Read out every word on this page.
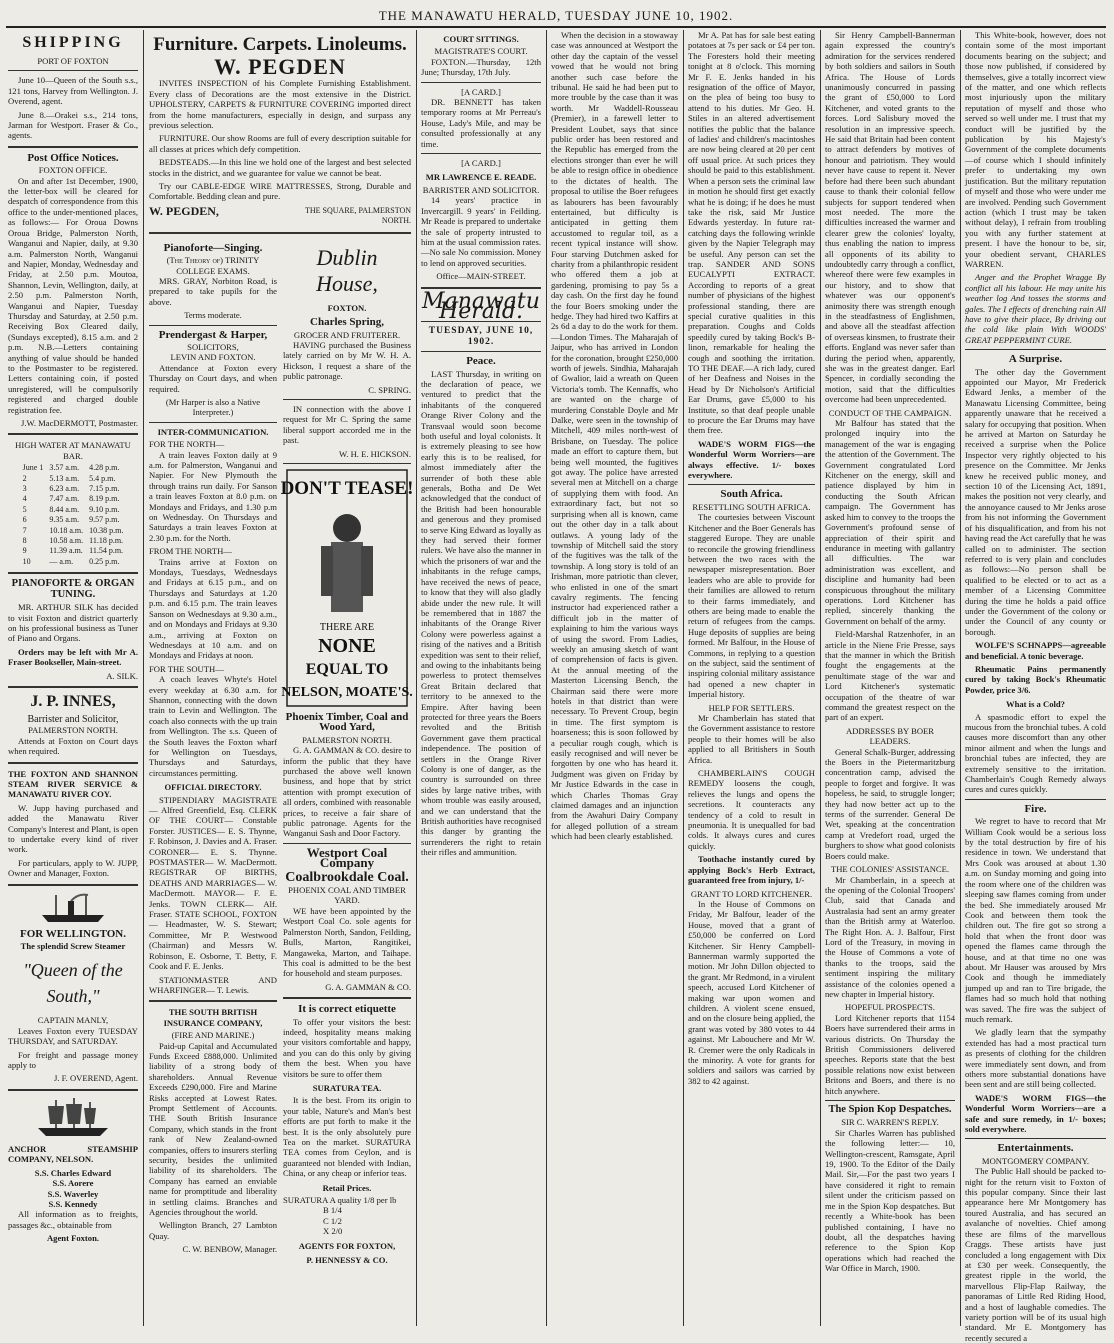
THE MANAWATU HERALD, TUESDAY JUNE 10, 1902.
SHIPPING
PORT OF FOXTON

June 10—Queen of the South s.s., 121 tons, Harvey from Wellington. J. Overend, agent.

June 8.—Orakei s.s., 214 tons, Jarman for Westport. Fraser & Co., agents.

Post Office Notices.
FOXTON OFFICE.

On and after 1st December, 1900, the letter-box will be cleared for despatch of correspondence from this office to the under-mentioned places, as follows:— For Oroua Downs Oroua Bridge, Palmerston North, Wanganui and Napier, daily, at 9.30 a.m. Palmerston North, Wanganui and Napier, Monday, Wednesday and Friday, at 2.50 p.m. Moutoa, Shannon, Levin, Wellington, daily, at 2.50 p.m. Palmerston North, Wanganui and Napier, Tuesday Thursday and Saturday, at 2.50 p.m. Receiving Box Cleared daily, (Sundays excepted), 8.15 a.m. and 2 p.m. N.B.—Letters containing anything of value should be handed to the Postmaster to be registered. Letters containing coin, if posted unregistered, will be compulsorily registered and charged double registration fee.

J.W. MacDERMOTT, Postmaster.
HIGH WATER AT MANAWATU BAR.
June 1	3.57 a.m.	4.28 p.m.
2	5.13 a.m.	5.4 p.m.
3	6.23 a.m.	7.15 p.m.
4	7.47 a.m.	8.19 p.m.
5	8.44 a.m.	9.10 p.m.
6	9.35 a.m.	9.57 p.m.
7	10.18 a.m.	10.38 p.m.
8	10.58 a.m.	11.18 p.m.
9	11.39 a.m.	11.54 p.m.
10	— a.m.	0.25 p.m.
PIANOFORTE & ORGAN TUNING.

MR. ARTHUR SILK has decided to visit Foxton and district quarterly on his professional business as Tuner of Piano and Organs.

Orders may be left with Mr A. Fraser Bookseller, Main-street.

A. SILK.
J. P. INNES,
Barrister and Solicitor,
PALMERSTON NORTH.

Attends at Foxton on Court days when required.

THE FOXTON AND SHANNON STEAM RIVER SERVICE & MANAWATU RIVER COY.

W. Jupp having purchased and added the Manawatu River Company's Interest and Plant, is open to undertake every kind of river work.

For particulars, apply to W. JUPP, Owner and Manager, Foxton.

FOR WELLINGTON.
The splendid Screw Steamer
"Queen of the South,"
CAPTAIN MANLY,

Leaves Foxton every TUESDAY THURSDAY, and SATURDAY.

For freight and passage money apply to

J. F. OVEREND, Agent.

ANCHOR STEAMSHIP COMPANY, NELSON.

S.S. Charles Edward
S.S. Aorere
S.S. Waverley
S.S. Kennedy

All information as to freights, passages &c., obtainable from

Agent Foxton.
Furniture. Carpets. Linoleums.
W. PEGDEN

INVITES INSPECTION of his Complete Furnishing Establishment. Every class of Decorations are the most extensive in the District. UPHOLSTERY, CARPETS & FURNITURE COVERING imported direct from the home manufacturers, especially in design, and surpass any previous selection.

FURNITURE. Our show Rooms are full of every description suitable for all classes at prices which defy competition.

BEDSTEADS.—In this line we hold one of the largest and best selected stocks in the district, and we guarantee for value we cannot be beat.

Try our CABLE-EDGE WIRE MATTRESSES, Strong, Durable and Comfortable. Bedding clean and pure.

W. PEGDEN,	THE SQUARE, PALMERSTON NORTH.
Pianoforte—Singing.
(The Theory of) TRINITY COLLEGE EXAMS.

MRS. GRAY, Norbiton Road, is prepared to take pupils for the above.

Terms moderate.
Prendergast & Harper,
SOLICITORS,
LEVIN AND FOXTON.

Attendance at Foxton every Thursday on Court days, and when required.

(Mr Harper is also a Native Interpreter.)
INTER-COMMUNICATION.
FOR THE NORTH—

A train leaves Foxton daily at 9 a.m. for Palmerston, Wanganui and Napier. For New Plymouth the through trains run daily. For Sanson a train leaves Foxton at 8.0 p.m. on Mondays and Fridays, and 1.30 p.m on Wednesday. On Thursdays and Saturdays a train leaves Foxton at 2.30 p.m. for the North.

FROM THE NORTH—

Trains arrive at Foxton on Mondays, Tuesdays, Wednesdays and Fridays at 6.15 p.m., and on Thursdays and Saturdays at 1.20 p.m. and 6.15 p.m. The train leaves Sanson on Wednesdays at 9.30 a.m., and on Mondays and Fridays at 9.30 a.m., arriving at Foxton on Wednesdays at 10 a.m. and on Mondays and Fridays at noon.

FOR THE SOUTH—

A coach leaves Whyte's Hotel every weekday at 6.30 a.m. for Shannon, connecting with the down train to Levin and Wellington. The coach also connects with the up train from Wellington. The s.s. Queen of the South leaves the Foxton wharf for Wellington on Tuesdays, Thursdays and Saturdays, circumstances permitting.

OFFICIAL DIRECTORY.

STIPENDIARY MAGISTRATE— Alfred Greenfield, Esq. CLERK OF THE COURT— Constable Forster. JUSTICES— E. S. Thynne, F. Robinson, J. Davies and A. Fraser. CORONER— E. S. Thynne. POSTMASTER— W. MacDermott. REGISTRAR OF BIRTHS, DEATHS AND MARRIAGES— W. MacDermott. MAYOR— F. E. Jenks. TOWN CLERK— Alf. Fraser. STATE SCHOOL, FOXTON— Headmaster, W. S. Stewart; Committee, Mr P. Westwood (Chairman) and Messrs W. Robinson, E. Osborne, T. Betty, F. Cook and F. E. Jenks.

STATIONMASTER AND WHARFINGER— T. Lewis.

THE SOUTH BRITISH INSURANCE COMPANY,
(FIRE AND MARINE.)

Paid-up Capital and Accumulated Funds Exceed £888,000. Unlimited liability of a strong body of shareholders. Annual Revenue Exceeds £290,000. Fire and Marine Risks accepted at Lowest Rates. Prompt Settlement of Accounts. THE South British Insurance Company, which stands in the front rank of New Zealand-owned companies, offers to insurers sterling security, besides the unlimited liability of its shareholders. The Company has earned an enviable name for promptitude and liberality in settling claims. Branches and Agencies throughout the world.

Wellington Branch, 27 Lambton Quay.

C. W. BENBOW, Manager.
Dublin House,
FOXTON.
Charles Spring,
GROCER AND FRUITERER.

HAVING purchased the Business lately carried on by Mr W. H. A. Hickson, I request a share of the public patronage.

C. SPRING.

IN connection with the above I request for Mr C. Spring the same liberal support accorded me in the past.

W. H. E. HICKSON.
DON'T TEASE!
THERE ARE
NONE
EQUAL TO
NELSON, MOATE'S.
Phoenix Timber, Coal and Wood Yard,
PALMERSTON NORTH.

G. A. GAMMAN & CO. desire to inform the public that they have purchased the above well known business, and hope that by strict attention with prompt execution of all orders, combined with reasonable prices, to receive a fair share of public patronage. Agents for the Wanganui Sash and Door Factory.

Westport Coal Company
Coalbrookdale Coal.
PHOENIX COAL AND TIMBER YARD.

WE have been appointed by the Westport Coal Co. sole agents for Palmerston North, Sandon, Feilding, Bulls, Marton, Rangitikei, Mangaweka, Marton, and Taihape. This coal is admitted to be the best for household and steam purposes.

G. A. GAMMAN & CO.
It is correct etiquette

To offer your visitors the best: indeed, hospitality means making your visitors comfortable and happy, and you can do this only by giving them the best. When you have visitors be sure to offer them

SURATURA TEA.

It is the best. From its origin to your table, Nature's and Man's best efforts are put forth to make it the best. It is the only absolutely pure Tea on the market. SURATURA TEA comes from Ceylon, and is guaranteed not blended with Indian, China, or any cheap or inferior teas.

Retail Prices.
SURATURA A quality 1/8 per lb
B 1/4
C 1/2
X 2/0
AGENTS FOR FOXTON,
P. HENNESSY & CO.
COURT SITTINGS.
MAGISTRATE'S COURT.

FOXTON.—Thursday, 12th June; Thursday, 17th July.

[A CARD.]

DR. BENNETT has taken temporary rooms at Mr Perreau's House, Lady's Mile, and may be consulted professionally at any time.

[A CARD.]
MR LAWRENCE E. READE.
BARRISTER AND SOLICITOR.

14 years' practice in Invercargill. 9 years' in Feilding. Mr Reade is prepared to undertake the sale of property intrusted to him at the usual commission rates.—No sale No commission. Money to lend on approved securities.

Office—MAIN-STREET.
Manawatu Herald.
TUESDAY, JUNE 10, 1902.
Peace.

LAST Thursday, in writing on the declaration of peace, we ventured to predict that the inhabitants of the conquered Orange River Colony and the Transvaal would soon become both useful and loyal colonists. It is extremely pleasing to see how early this is to be realised, for almost immediately after the surrender of both these able generals, Botha and De Wet acknowledged that the conduct of the British had been honourable and generous and they promised to serve King Edward as loyally as they had served their former rulers. We have also the manner in which the prisoners of war and the inhabitants in the refuge camps, have received the news of peace, to know that they will also gladly abide under the new rule. It will be remembered that in 1887 the inhabitants of the Orange River Colony were powerless against a rising of the natives and a British expedition was sent to their relief, and owing to the inhabitants being powerless to protect themselves Great Britain declared that territory to be annexed to the Empire. After having been protected for three years the Boers revolted and the British Government gave them practical independence. The position of settlers in the Orange River Colony is one of danger, as the country is surrounded on three sides by large native tribes, with whom trouble was easily aroused, and we can understand that the British authorities have recognised this danger by granting the surrenderers the right to retain their rifles and ammunition.

When the decision in a stowaway case was announced at Westport the other day the captain of the vessel vowed that he would not bring another such case before the tribunal. He said he had been put to more trouble by the case than it was worth. Mr Waddell-Rousseau (Premier), in a farewell letter to President Loubet, says that since public order has been restored and the Republic has emerged from the elections stronger than ever he will be able to resign office in obedience to the dictates of health. The proposal to utilise the Boer refugees as labourers has been favourably entertained, but difficulty is anticipated in getting them accustomed to regular toil, as a recent typical instance will show. Four starving Dutchmen asked for charity from a philanthropic resident who offered them a job at gardening, promising to pay 5s a day cash. On the first day he found the four Boers smoking under the hedge. They had hired two Kaffirs at 2s 6d a day to do the work for them.—London Times. The Maharajah of Jaipur, who has arrived in London for the coronation, brought £250,000 worth of jewels. Sindhia, Maharajah of Gwalior, laid a wreath on Queen Victoria's tomb. The Kennaffs, who are wanted on the charge of murdering Constable Doyle and Mr Dalke, were seen in the township of Mitchell, 409 miles north-west of Brisbane, on Tuesday. The police made an effort to capture them, but being well mounted, the fugitives got away. The police have arrested several men at Mitchell on a charge of supplying them with food. An extraordinary fact, but not so surprising when all is known, came out the other day in a talk about outlaws. A young lady of the township of Mitchell said the story of the fugitives was the talk of the township. A long story is told of an Irishman, more patriotic than clever, who enlisted in one of the smart cavalry regiments. The fencing instructor had experienced rather a difficult job in the matter of explaining to him the various ways of using the sword. From Ladies, weekly an amusing sketch of want of comprehension of facts is given. At the annual meeting of the Masterton Licensing Bench, the Chairman said there were more hotels in that district than were necessary. To Prevent Croup, begin in time. The first symptom is hoarseness; this is soon followed by a peculiar rough cough, which is easily recognised and will never be forgotten by one who has heard it. Judgment was given on Friday by Mr Justice Edwards in the case in which Charles Thomas Gray claimed damages and an injunction from the Awahuri Dairy Company for alleged pollution of a stream which had been clearly established.

Mr A. Pat has for sale best eating potatoes at 7s per sack or £4 per ton. The Foresters hold their meeting tonight at 8 o'clock. This morning Mr F. E. Jenks handed in his resignation of the office of Mayor, on the plea of being too busy to attend to his duties. Mr Geo. H. Stiles in an altered advertisement notifies the public that the balance of ladies' and children's macintoshes are now being cleared at 20 per cent off usual price. At such prices they should be paid to this establishment. When a person sets the criminal law in motion he should first get exactly what he is doing; if he does he must take the risk, said Mr Justice Edwards yesterday. In future rat-catching days the following wrinkle given by the Napier Telegraph may be useful. Any person can set the trap. SANDER AND SONS EUCALYPTI EXTRACT. According to reports of a great number of physicians of the highest professional standing, there are special curative qualities in this preparation. Coughs and Colds speedily cured by taking Bock's B-linon, remarkable for healing the cough and soothing the irritation. TO THE DEAF.—A rich lady, cured of her Deafness and Noises in the Head by Dr Nicholson's Artificial Ear Drums, gave £5,000 to his Institute, so that deaf people unable to procure the Ear Drums may have them free.

WADE'S WORM FIGS—the Wonderful Worm Worriers—are always effective. 1/- boxes everywhere.

South Africa.
RESETTLING SOUTH AFRICA.

The courtesies between Viscount Kitchener and the Boer Generals has staggered Europe. They are unable to reconcile the growing friendliness between the two races with the newspaper misrepresentation. Boer leaders who are able to provide for their families are allowed to return to their farms immediately, and others are being made to enable the return of refugees from the camps. Huge deposits of supplies are being formed. Mr Balfour, in the House of Commons, in replying to a question on the subject, said the sentiment of inspiring colonial military assistance had opened a new chapter in Imperial history.

HELP FOR SETTLERS.

Mr Chamberlain has stated that the Government assistance to restore people to their homes will be also applied to all Britishers in South Africa.

CHAMBERLAIN'S COUGH REMEDY loosens the cough, relieves the lungs and opens the secretions. It counteracts any tendency of a cold to result in pneumonia. It is unequalled for bad colds. It always cures and cures quickly.

Toothache instantly cured by applying Bock's Herb Extract, guaranteed free from injury, 1/-

GRANT TO LORD KITCHENER.

In the House of Commons on Friday, Mr Balfour, leader of the House, moved that a grant of £50,000 be conferred on Lord Kitchener. Sir Henry Campbell-Bannerman warmly supported the motion. Mr John Dillon objected to the grant. Mr Redmond, in a virulent speech, accused Lord Kitchener of making war upon women and children. A violent scene ensued, and on the closure being applied, the grant was voted by 380 votes to 44 against. Mr Labouchere and Mr W. R. Cremer were the only Radicals in the minority. A vote for grants for soldiers and sailors was carried by 382 to 42 against.

Sir Henry Campbell-Bannerman again expressed the country's admiration for the services rendered by both soldiers and sailors in South Africa. The House of Lords unanimously concurred in passing the grant of £50,000 to Lord Kitchener, and voted grants to the forces. Lord Salisbury moved the resolution in an impressive speech. He said that Britain had been content to attract defenders by motives of honour and patriotism. They would never have cause to repent it. Never before had there been such abundant cause to thank their colonial fellow subjects for support tendered when most needed. The more the difficulties increased the warmer and clearer grew the colonies' loyalty, thus enabling the nation to impress all opponents of its ability to undoubtedly carry through a conflict, whereof there were few examples in our history, and to show that whatever was our opponent's animosity there was strength enough in the steadfastness of Englishmen, and above all the steadfast affection of overseas kinsmen, to frustrate their efforts. England was never safer than during the period when, apparently, she was in the greatest danger. Earl Spencer, in cordially seconding the motion, said that the difficulties overcome had been unprecedented.

CONDUCT OF THE CAMPAIGN.

Mr Balfour has stated that the prolonged inquiry into the management of the war is engaging the attention of the Government. The Government congratulated Lord Kitchener on the energy, skill and patience displayed by him in conducting the South African campaign. The Government has asked him to convey to the troops the Government's profound sense of appreciation of their spirit and endurance in meeting with gallantry all difficulties. The war administration was excellent, and discipline and humanity had been conspicuous throughout the military operations. Lord Kitchener has replied, sincerely thanking the Government on behalf of the army.

Field-Marshal Ratzenhofer, in an article in the Niene Frie Presse, says that the manner in which the British fought the engagements at the penultimate stage of the war and Lord Kitchener's systematic occupation of the theatre of war command the greatest respect on the part of an expert.

ADDRESSES BY BOER LEADERS.

General Schalk-Burger, addressing the Boers in the Pietermaritzburg concentration camp, advised the people to forget and forgive. It was hopeless, he said, to struggle longer; they had now better act up to the terms of the surrender. General De Wet, speaking at the concentration camp at Vredefort road, urged the burghers to show what good colonists Boers could make.

THE COLONIES' ASSISTANCE.

Mr Chamberlain, in a speech at the opening of the Colonial Troopers' Club, said that Canada and Australasia had sent an army greater than the British army at Waterloo. The Right Hon. A. J. Balfour, First Lord of the Treasury, in moving in the House of Commons a vote of thanks to the troops, said the sentiment inspiring the military assistance of the colonies opened a new chapter in Imperial history.

HOPEFUL PROSPECTS.

Lord Kitchener reports that 1154 Boers have surrendered their arms in various districts. On Thursday the British Commissioners delivered speeches. Reports state that the best possible relations now exist between Britons and Boers, and there is no hitch anywhere.

The Spion Kop Despatches.
SIR C. WARREN'S REPLY.

Sir Charles Warren has published the following letter:— 10, Wellington-crescent, Ramsgate, April 19, 1900. To the Editor of the Daily Mail. Sir,—For the past two years I have considered it right to remain silent under the criticism passed on me in the Spion Kop despatches. But recently a White-book has been published containing, I have no doubt, all the despatches having reference to the Spion Kop operations which had reached the War Office in March, 1900.

This White-book, however, does not contain some of the most important documents bearing on the subject; and those now published, if considered by themselves, give a totally incorrect view of the matter, and one which reflects most injuriously upon the military reputation of myself and those who served so well under me. I trust that my conduct will be justified by the publication by his Majesty's Government of the complete documents—of course which I should infinitely prefer to undertaking my own justification. But the military reputation of myself and those who were under me are involved. Pending such Government action (which I trust may be taken without delay), I refrain from troubling you with any further statement at present. I have the honour to be, sir, your obedient servant, CHARLES WARREN.

Anger and the Prophet Wragge By conflict all his labour. He may unite his weather log And tosses the storms and gales. The I effects of drenching rain All have to give their place, By driving out the cold like plain With WOODS' GREAT PEPPERMINT CURE.

A Surprise.

The other day the Government appointed our Mayor, Mr Frederick Edward Jenks, a member of the Manawatu Licensing Committee, being apparently unaware that he received a salary for occupying that position. When he arrived at Marton on Saturday he received a surprise when the Police Inspector very rightly objected to his presence on the Committee. Mr Jenks knew he received public money, and section 10 of the Licensing Act, 1891, makes the position not very clearly, and the annoyance caused to Mr Jenks arose from his not informing the Government of his disqualification, and from his not having read the Act carefully that he was called on to administer. The section referred to is very plain and concludes as follows:—No person shall be qualified to be elected or to act as a member of a Licensing Committee during the time he holds a paid office under the Government of the colony or under the Council of any county or borough.

WOLFE'S SCHNAPPS—agreeable and beneficial. A tonic beverage.

Rheumatic Pains permanently cured by taking Bock's Rheumatic Powder, price 3/6.

What is a Cold?

A spasmodic effort to expel the mucous from the bronchial tubes. A cold causes more discomfort than any other minor ailment and when the lungs and bronchial tubes are infected, they are extremely sensitive to the irritation. Chamberlain's Cough Remedy always cures and cures quickly.

Fire.

We regret to have to record that Mr William Cook would be a serious loss by the total destruction by fire of his residence in town. We understand that Mrs Cook was aroused at about 1.30 a.m. on Sunday morning and going into the room where one of the children was sleeping saw flames coming from under the bed. She immediately aroused Mr Cook and between them took the children out. The fire got so strong a hold that when the front door was opened the flames came through the house, and at that time no one was about. Mr Hauser was aroused by Mrs Cook and though he immediately jumped up and ran to Tire brigade, the flames had so much hold that nothing was saved. The fire was the subject of much remark.

We gladly learn that the sympathy extended has had a most practical turn as presents of clothing for the children were immediately sent down, and from others more substantial donations have been sent and are still being collected.

WADE'S WORM FIGS—the Wonderful Worm Worriers—are a safe and sure remedy, in 1/- boxes; sold everywhere.

Entertainments.
MONTGOMERY COMPANY.

The Public Hall should be packed to-night for the return visit to Foxton of this popular company. Since their last appearance here Mr Montgomery has toured Australia, and has secured an avalanche of novelties. Chief among these are films of the marvellous Craggs. These artists have just concluded a long engagement with Dix at £30 per week. Consequently, the greatest ripple in the world, the marvellous Flip-Flap Railway, the panoramas of Little Red Riding Hood, and a host of laughable comedies. The variety portion will be of its usual high standard. Mr E. Montgomery has recently secured a
